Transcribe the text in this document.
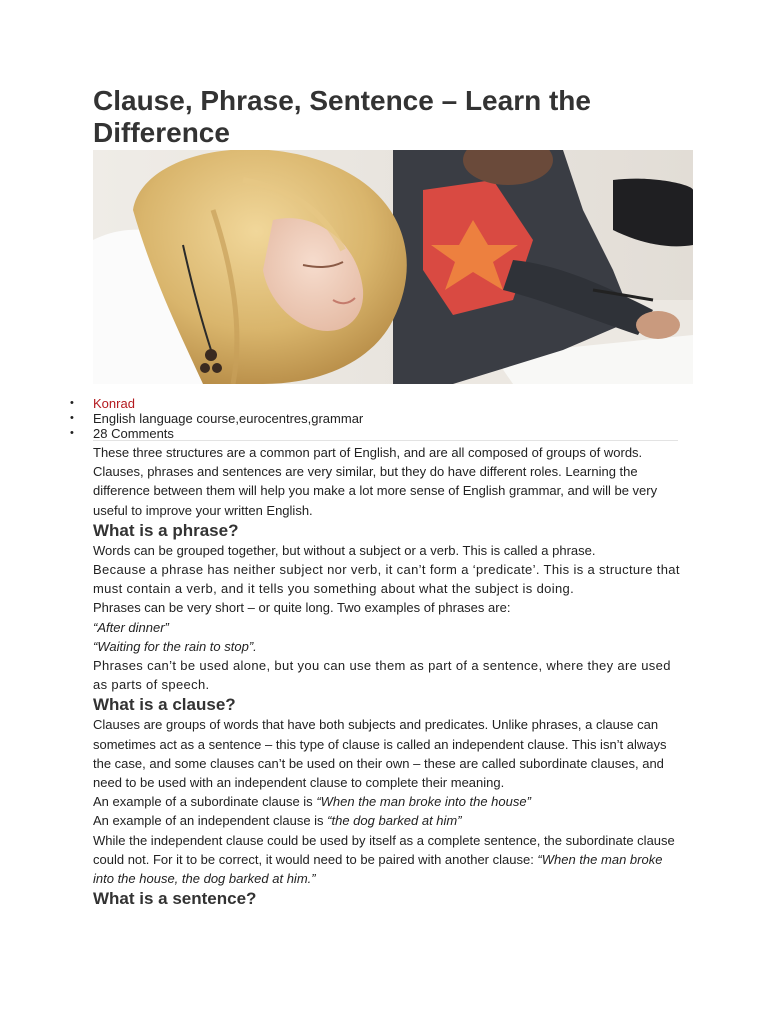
Clause, Phrase, Sentence – Learn the Difference
• Konrad
• English language course,eurocentres,grammar
• 28 Comments

These three structures are a common part of English, and are all composed of groups of words. Clauses, phrases and sentences are very similar, but they do have different roles. Learning the difference between them will help you make a lot more sense of English grammar, and will be very useful to improve your written English.

What is a phrase?

Words can be grouped together, but without a subject or a verb. This is called a phrase.

Because a phrase has neither subject nor verb, it can’t form a ‘predicate’. This is a structure that must contain a verb, and it tells you something about what the subject is doing.

Phrases can be very short – or quite long. Two examples of phrases are:

“After dinner”

“Waiting for the rain to stop”.

Phrases can’t be used alone, but you can use them as part of a sentence, where they are used as parts of speech.

What is a clause?

Clauses are groups of words that have both subjects and predicates. Unlike phrases, a clause can sometimes act as a sentence – this type of clause is called an independent clause. This isn’t always the case, and some clauses can’t be used on their own – these are called subordinate clauses, and need to be used with an independent clause to complete their meaning.

An example of a subordinate clause is “When the man broke into the house”

An example of an independent clause is “the dog barked at him”

While the independent clause could be used by itself as a complete sentence, the subordinate clause could not. For it to be correct, it would need to be paired with another clause: “When the man broke into the house, the dog barked at him.”

What is a sentence?
